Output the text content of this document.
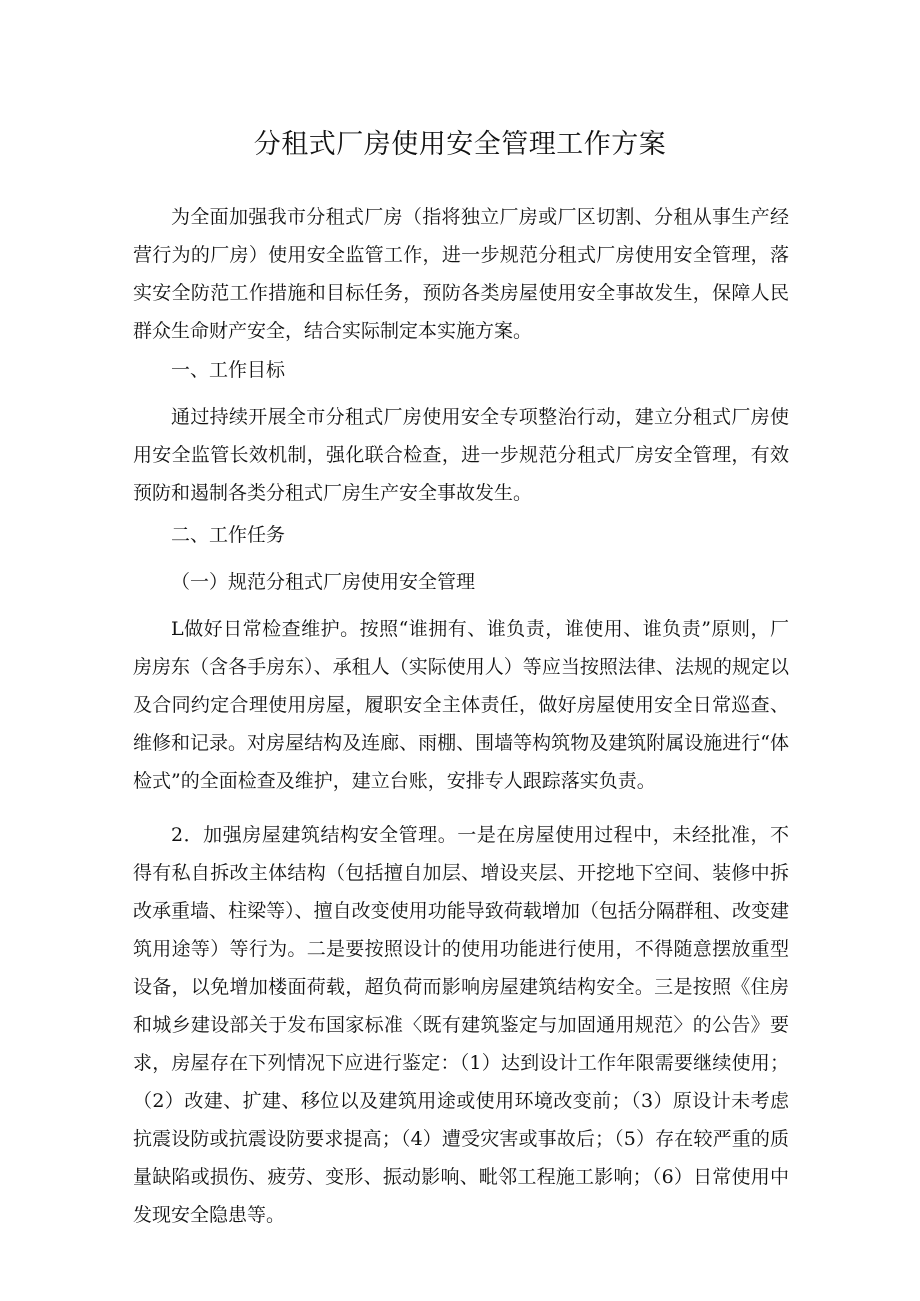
分租式厂房使用安全管理工作方案

为全面加强我市分租式厂房（指将独立厂房或厂区切割、分租从事生产经营行为的厂房）使用安全监管工作，进一步规范分租式厂房使用安全管理，落实安全防范工作措施和目标任务，预防各类房屋使用安全事故发生，保障人民群众生命财产安全，结合实际制定本实施方案。

一、工作目标

通过持续开展全市分租式厂房使用安全专项整治行动，建立分租式厂房使用安全监管长效机制，强化联合检查，进一步规范分租式厂房安全管理，有效预防和遏制各类分租式厂房生产安全事故发生。

二、工作任务

（一）规范分租式厂房使用安全管理

L做好日常检查维护。按照“谁拥有、谁负责，谁使用、谁负责”原则，厂房房东（含各手房东）、承租人（实际使用人）等应当按照法律、法规的规定以及合同约定合理使用房屋，履职安全主体责任，做好房屋使用安全日常巡查、维修和记录。对房屋结构及连廊、雨棚、围墙等构筑物及建筑附属设施进行“体检式”的全面检查及维护，建立台账，安排专人跟踪落实负责。

2．加强房屋建筑结构安全管理。一是在房屋使用过程中，未经批准，不得有私自拆改主体结构（包括擅自加层、增设夹层、开挖地下空间、装修中拆改承重墙、柱梁等）、擅自改变使用功能导致荷载增加（包括分隔群租、改变建筑用途等）等行为。二是要按照设计的使用功能进行使用，不得随意摆放重型设备，以免增加楼面荷载，超负荷而影响房屋建筑结构安全。三是按照《住房和城乡建设部关于发布国家标准〈既有建筑鉴定与加固通用规范〉的公告》要求，房屋存在下列情况下应进行鉴定：（1）达到设计工作年限需要继续使用；（2）改建、扩建、移位以及建筑用途或使用环境改变前；（3）原设计未考虑抗震设防或抗震设防要求提高；（4）遭受灾害或事故后；（5）存在较严重的质量缺陷或损伤、疲劳、变形、振动影响、毗邻工程施工影响；（6）日常使用中发现安全隐患等。
